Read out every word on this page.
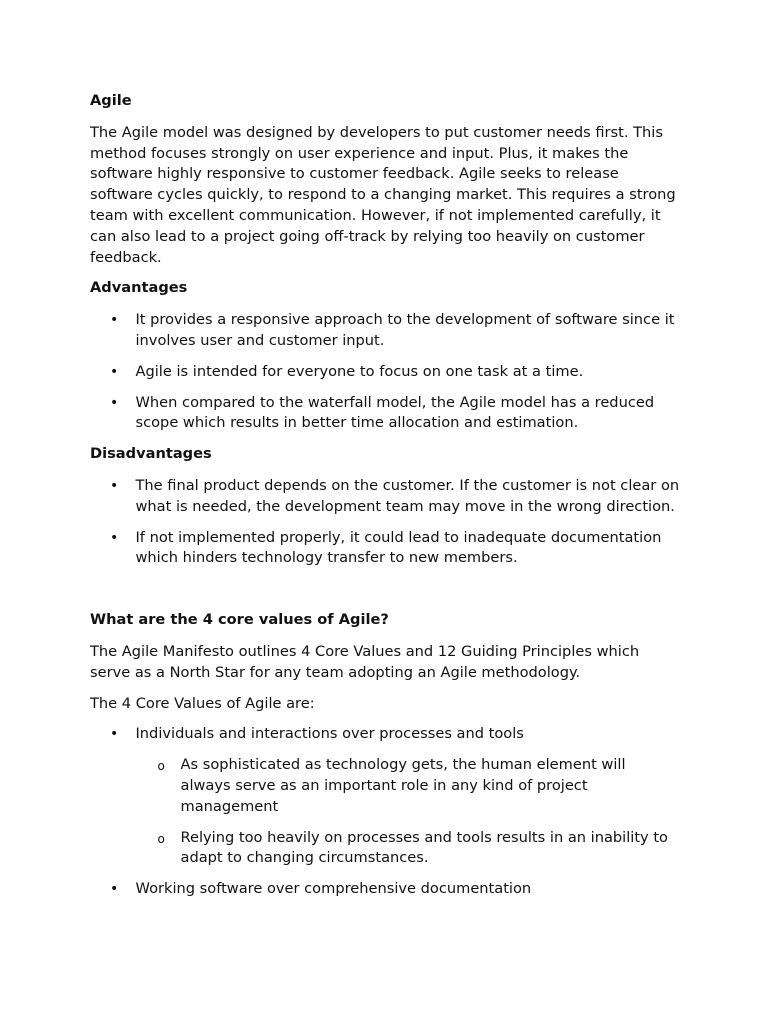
Agile

The Agile model was designed by developers to put customer needs first. This method focuses strongly on user experience and input. Plus, it makes the software highly responsive to customer feedback. Agile seeks to release software cycles quickly, to respond to a changing market. This requires a strong team with excellent communication. However, if not implemented carefully, it can also lead to a project going off-track by relying too heavily on customer feedback.

Advantages
• It provides a responsive approach to the development of software since it involves user and customer input.
• Agile is intended for everyone to focus on one task at a time.
• When compared to the waterfall model, the Agile model has a reduced scope which results in better time allocation and estimation.
Disadvantages
• The final product depends on the customer. If the customer is not clear on what is needed, the development team may move in the wrong direction.
• If not implemented properly, it could lead to inadequate documentation which hinders technology transfer to new members.
What are the 4 core values of Agile?

The Agile Manifesto outlines 4 Core Values and 12 Guiding Principles which serve as a North Star for any team adopting an Agile methodology.

The 4 Core Values of Agile are:

• Individuals and interactions over processes and tools
o As sophisticated as technology gets, the human element will always serve as an important role in any kind of project management
o Relying too heavily on processes and tools results in an inability to adapt to changing circumstances.
• Working software over comprehensive documentation
